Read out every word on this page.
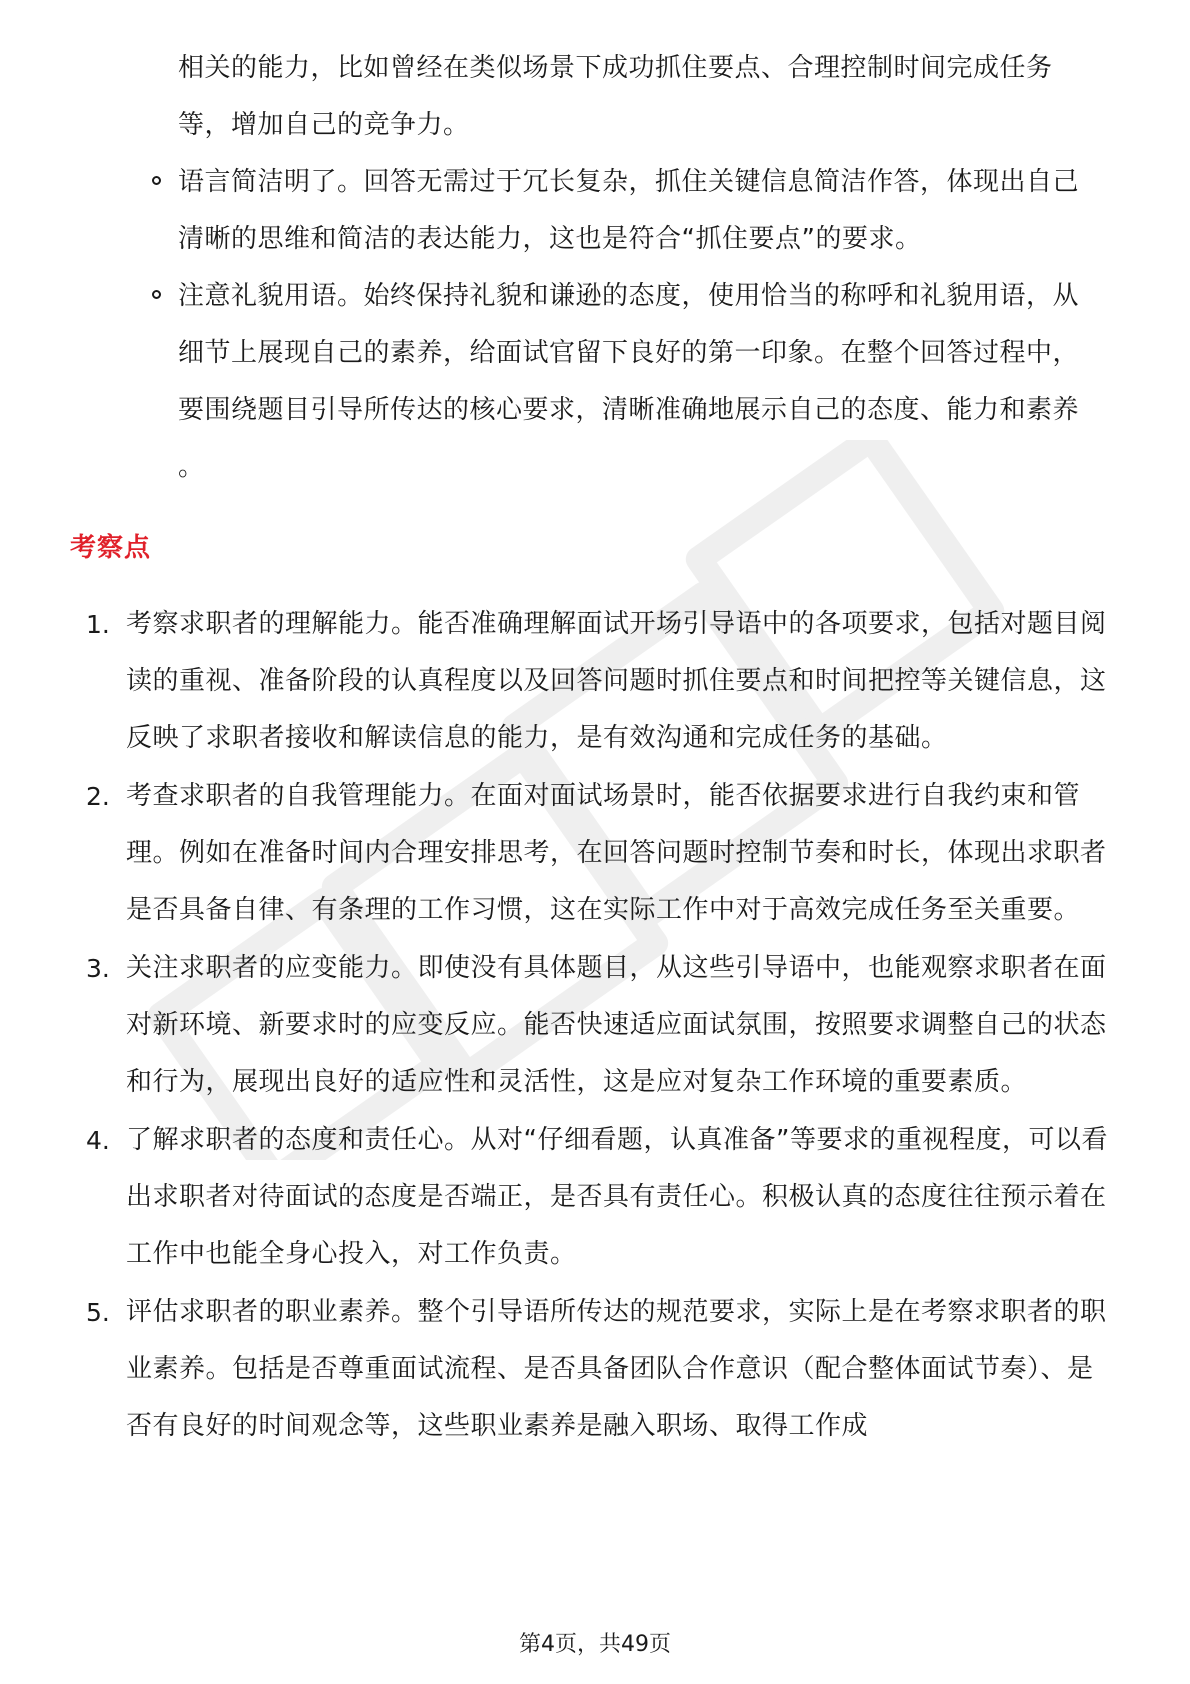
相关的能力，比如曾经在类似场景下成功抓住要点、合理控制时间完成任务等，增加自己的竞争力。
语言简洁明了。回答无需过于冗长复杂，抓住关键信息简洁作答，体现出自己清晰的思维和简洁的表达能力，这也是符合“抓住要点”的要求。
注意礼貌用语。始终保持礼貌和谦逊的态度，使用恰当的称呼和礼貌用语，从细节上展现自己的素养，给面试官留下良好的第一印象。在整个回答过程中，要围绕题目引导所传达的核心要求，清晰准确地展示自己的态度、能力和素养 。
考察点
1. 考察求职者的理解能力。能否准确理解面试开场引导语中的各项要求，包括对题目阅读的重视、准备阶段的认真程度以及回答问题时抓住要点和时间把控等关键信息，这反映了求职者接收和解读信息的能力，是有效沟通和完成任务的基础。
2. 考查求职者的自我管理能力。在面对面试场景时，能否依据要求进行自我约束和管理。例如在准备时间内合理安排思考，在回答问题时控制节奏和时长，体现出求职者是否具备自律、有条理的工作习惯，这在实际工作中对于高效完成任务至关重要。
3. 关注求职者的应变能力。即使没有具体题目，从这些引导语中，也能观察求职者在面对新环境、新要求时的应变反应。能否快速适应面试氛围，按照要求调整自己的状态和行为，展现出良好的适应性和灵活性，这是应对复杂工作环境的重要素质。
4. 了解求职者的态度和责任心。从对“仔细看题，认真准备”等要求的重视程度，可以看出求职者对待面试的态度是否端正，是否具有责任心。积极认真的态度往往预示着在工作中也能全身心投入，对工作负责。
5. 评估求职者的职业素养。整个引导语所传达的规范要求，实际上是在考察求职者的职业素养。包括是否尊重面试流程、是否具备团队合作意识（配合整体面试节奏）、是否有良好的时间观念等，这些职业素养是融入职场、取得工作成
第4页，共49页
